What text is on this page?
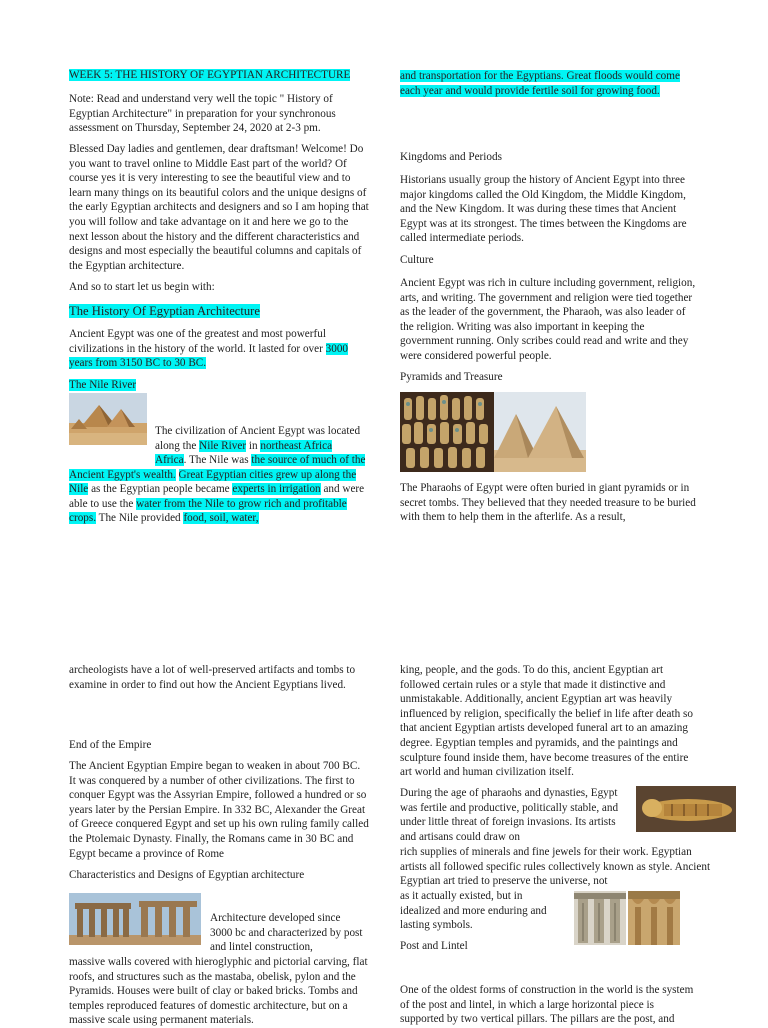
WEEK 5: THE HISTORY OF EGYPTIAN ARCHITECTURE

Note: Read and understand very well the topic " History of Egyptian Architecture" in preparation for your synchronous assessment on Thursday, September 24, 2020 at 2-3 pm.

Blessed Day ladies and gentlemen, dear draftsman! Welcome! Do you want to travel online to Middle East part of the world? Of course yes it is very interesting to see the beautiful view and to learn many things on its beautiful colors and the unique designs of the early Egyptian architects and designers and so I am hoping that you will follow and take advantage on it and here we go to the next lesson about the history and the different characteristics and designs and most especially the beautiful columns and capitals of the Egyptian architecture.

And so to start let us begin with:

The History Of Egyptian Architecture

Ancient Egypt was one of the greatest and most powerful civilizations in the history of the world. It lasted for over 3000 years from 3150 BC to 30 BC.

The Nile River

The civilization of Ancient Egypt was located along the Nile River in northeast Africa

Africa. The Nile was the source of much of the Ancient Egypt's wealth. Great Egyptian cities grew up along the Nile as the Egyptian people became experts in irrigation and were able to use the water from the Nile to grow rich and profitable crops. The Nile provided food, soil, water,

and transportation for the Egyptians. Great floods would come each year and would provide fertile soil for growing food.

Kingdoms and Periods

Historians usually group the history of Ancient Egypt into three major kingdoms called the Old Kingdom, the Middle Kingdom, and the New Kingdom. It was during these times that Ancient Egypt was at its strongest. The times between the Kingdoms are called intermediate periods.

Culture

Ancient Egypt was rich in culture including government, religion, arts, and writing. The government and religion were tied together as the leader of the government, the Pharaoh, was also leader of the religion. Writing was also important in keeping the government running. Only scribes could read and write and they were considered powerful people.

Pyramids and Treasure

The Pharaohs of Egypt were often buried in giant pyramids or in secret tombs. They believed that they needed treasure to be buried with them to help them in the afterlife. As a result,

archeologists have a lot of well-preserved artifacts and tombs to examine in order to find out how the Ancient Egyptians lived.

End of the Empire

The Ancient Egyptian Empire began to weaken in about 700 BC. It was conquered by a number of other civilizations. The first to conquer Egypt was the Assyrian Empire, followed a hundred or so years later by the Persian Empire. In 332 BC, Alexander the Great of Greece conquered Egypt and set up his own ruling family called the Ptolemaic Dynasty. Finally, the Romans came in 30 BC and Egypt became a province of Rome

Characteristics and Designs of Egyptian architecture

Architecture developed since 3000 bc and characterized by post and lintel construction,

massive walls covered with hieroglyphic and pictorial carving, flat roofs, and structures such as the mastaba, obelisk, pylon and the Pyramids. Houses were built of clay or baked bricks. Tombs and temples reproduced features of domestic architecture, but on a massive scale using permanent materials.

king, people, and the gods. To do this, ancient Egyptian art followed certain rules or a style that made it distinctive and unmistakable. Additionally, ancient Egyptian art was heavily influenced by religion, specifically the belief in life after death so that ancient Egyptian artists developed funeral art to an amazing degree. Egyptian temples and pyramids, and the paintings and sculpture found inside them, have become treasures of the entire art world and human civilization itself.

During the age of pharaohs and dynasties, Egypt was fertile and productive, politically stable, and under little threat of foreign invasions. Its artists and artisans could draw on

rich supplies of minerals and fine jewels for their work. Egyptian artists all followed specific rules collectively known as style. Ancient Egyptian art tried to preserve the universe, not

as it actually existed, but in idealized and more enduring and lasting symbols.

Post and Lintel

One of the oldest forms of construction in the world is the system of the post and lintel, in which a large horizontal piece is supported by two vertical pillars. The pillars are the post, and
